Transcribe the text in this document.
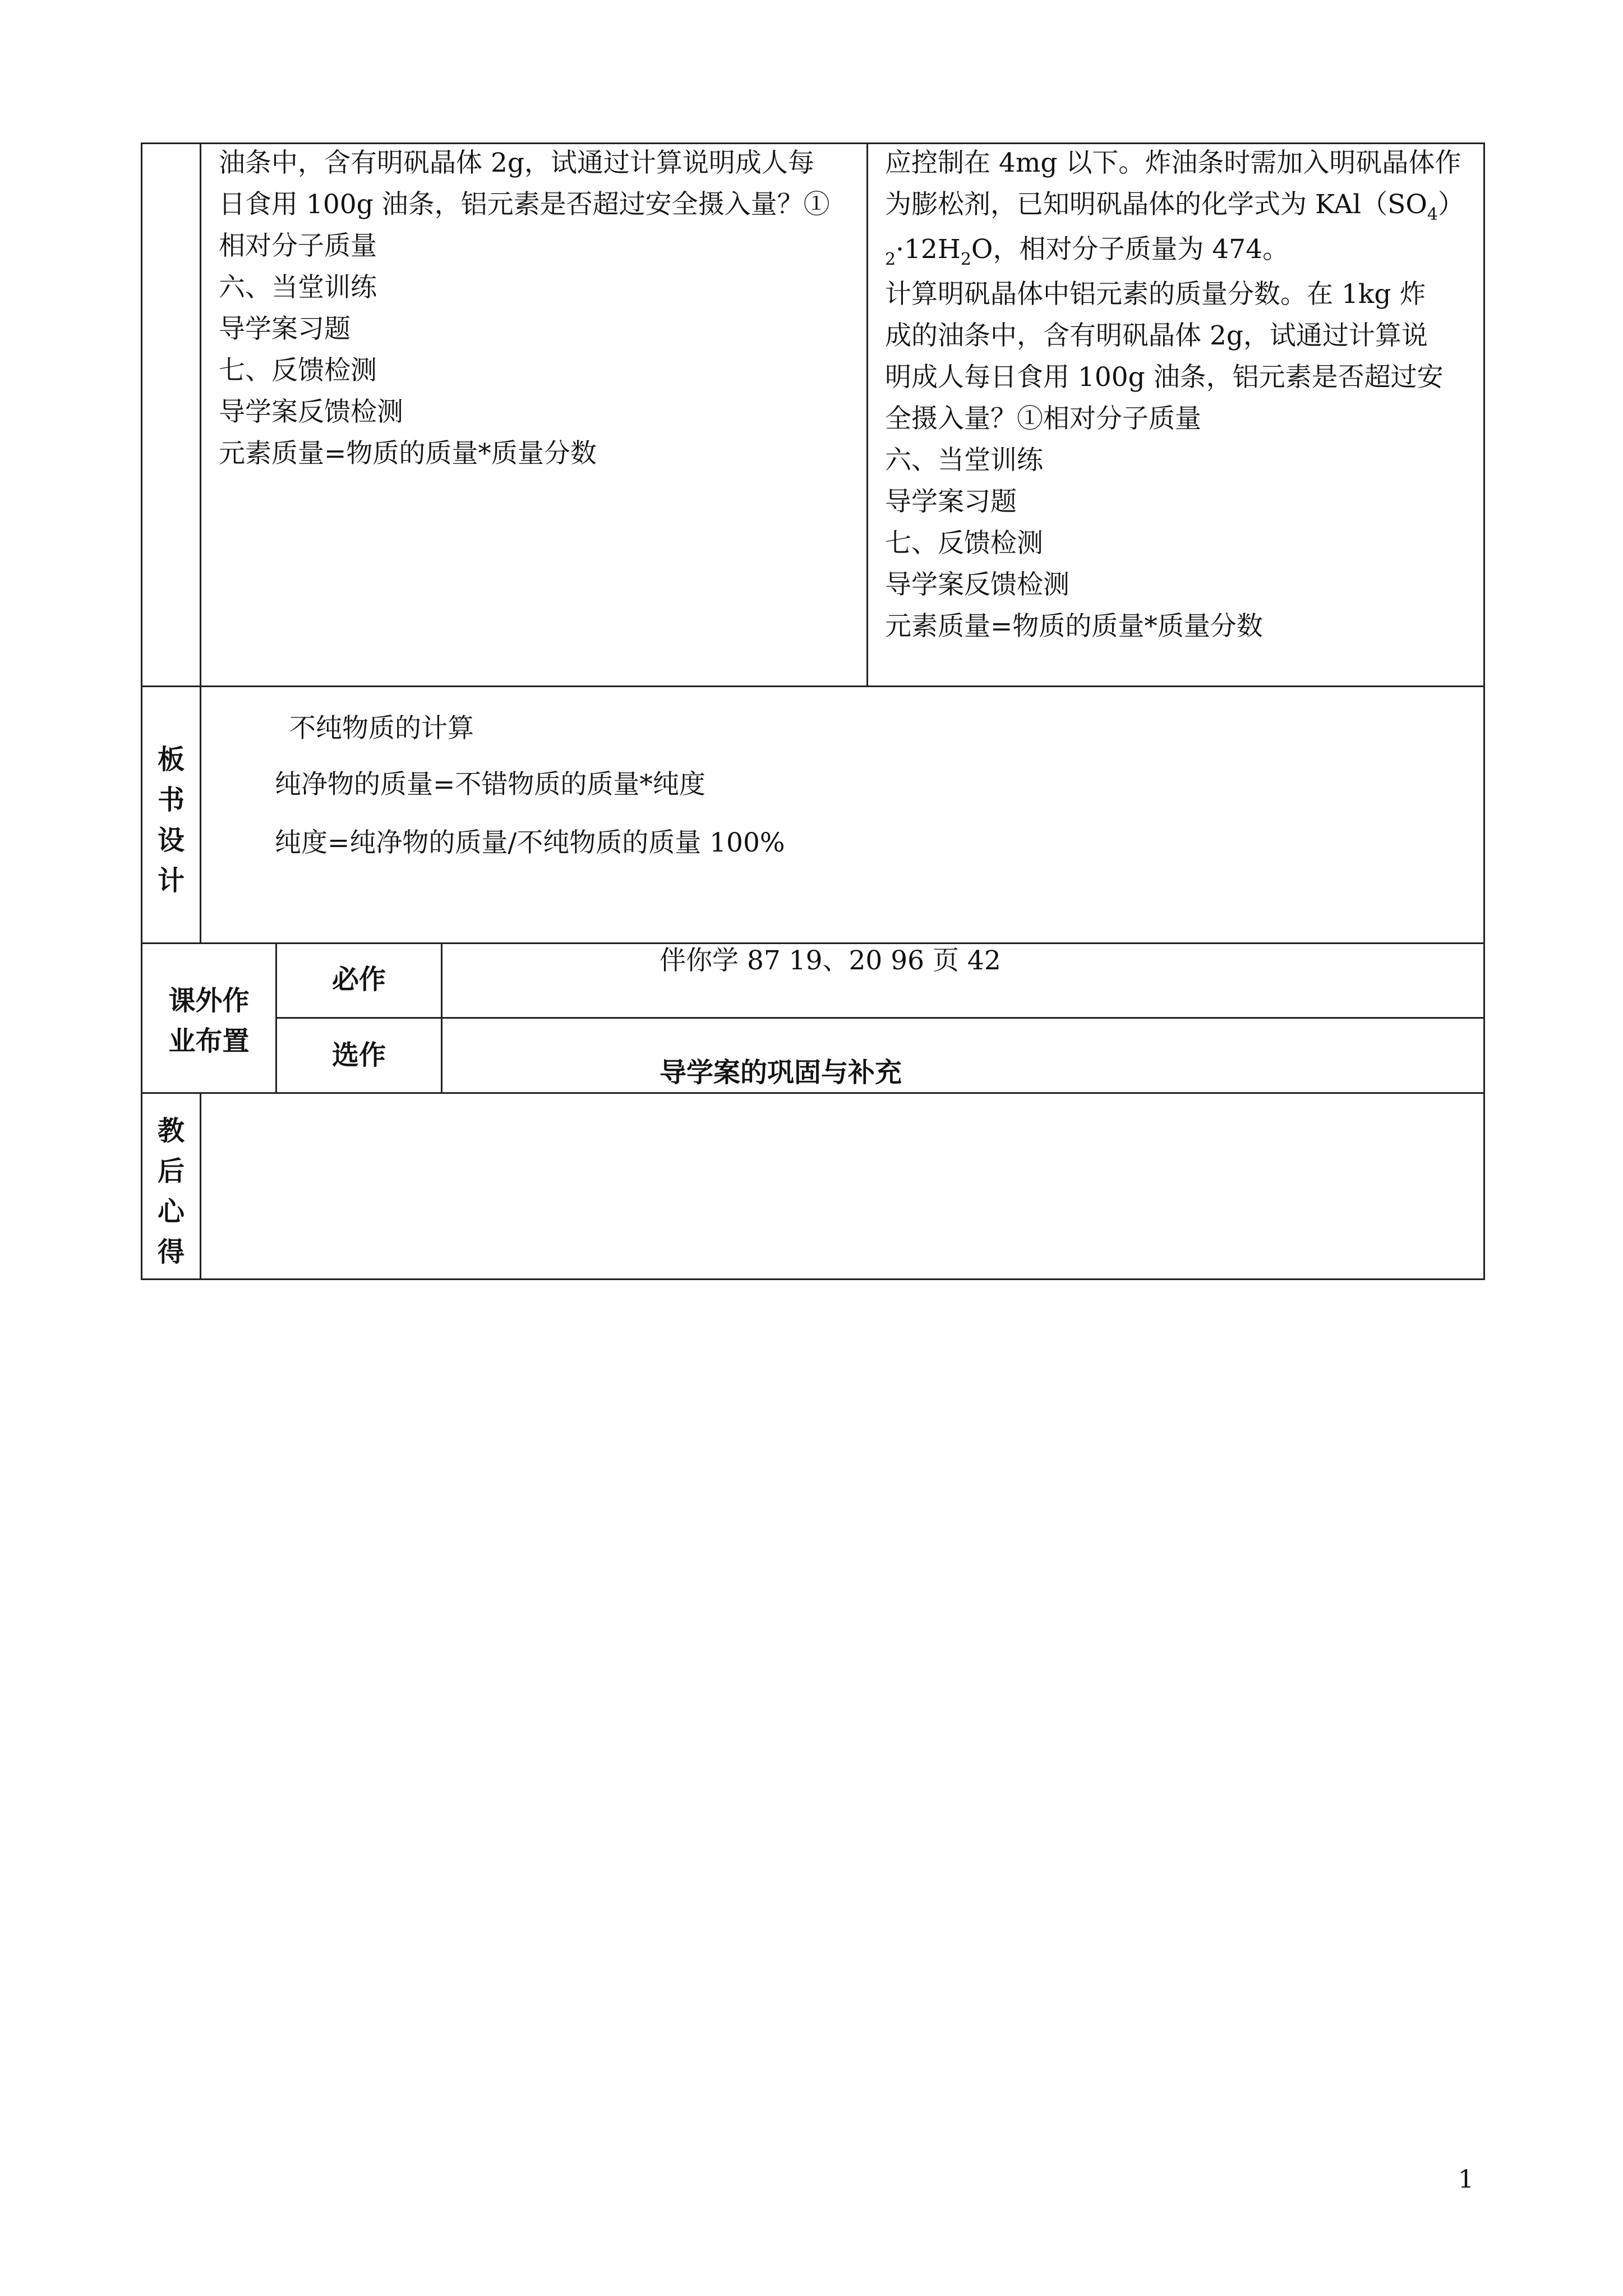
油条中，含有明矾晶体 2g，试通过计算说明成人每
日食用 100g 油条，铝元素是否超过安全摄入量？①
相对分子质量
六、当堂训练
导学案习题
七、反馈检测
导学案反馈检测
元素质量=物质的质量*质量分数
应控制在 4mg 以下。炸油条时需加入明矾晶体作
为膨松剂，已知明矾晶体的化学式为 $KAl(SO_4)$
$_2\cdot 12H_2O$，相对分子质量为 474。
计算明矾晶体中铝元素的质量分数。在 1kg 炸
成的油条中，含有明矾晶体 2g，试通过计算说
明成人每日食用 100g 油条，铝元素是否超过安
全摄入量？①相对分子质量
六、当堂训练
导学案习题
七、反馈检测
导学案反馈检测
元素质量=物质的质量*质量分数
板
书
设
计
不纯物质的计算
纯净物的质量=不错物质的质量*纯度
纯度=纯净物的质量/不纯物质的质量 100%
课外作
业布置
必作
伴你学 87 19、20 96 页 42
选作
导学案的巩固与补充
教
后
心
得
1
